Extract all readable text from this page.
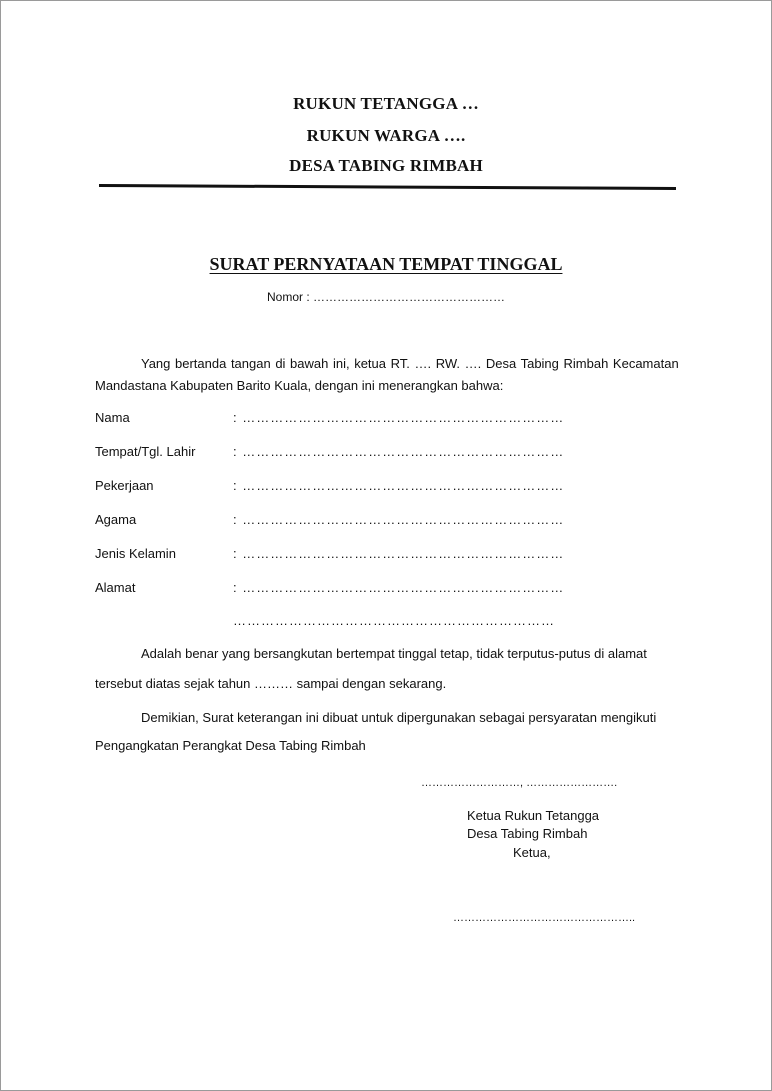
RUKUN TETANGGA …
RUKUN WARGA ….
DESA TABING RIMBAH
SURAT PERNYATAAN TEMPAT TINGGAL
Nomor : …………………………………………
Yang bertanda tangan di bawah ini, ketua RT. …. RW. …. Desa Tabing Rimbah Kecamatan
Mandastana Kabupaten Barito Kuala, dengan ini menerangkan bahwa:
Nama	: ……………………………………………………………
Tempat/Tgl. Lahir	: ……………………………………………………………
Pekerjaan	: ……………………………………………………………
Agama	: ……………………………………………………………
Jenis Kelamin	: ……………………………………………………………
Alamat	: ……………………………………………………………
……………………………………………………………
Adalah benar yang bersangkutan bertempat tinggal tetap, tidak terputus-putus di alamat
tersebut diatas sejak tahun ……… sampai dengan sekarang.
Demikian, Surat keterangan ini dibuat untuk dipergunakan sebagai persyaratan mengikuti
Pengangkatan Perangkat Desa Tabing Rimbah
………………………, …………………….
Ketua Rukun Tetangga
Desa Tabing Rimbah
Ketua,
…………………………………………..
